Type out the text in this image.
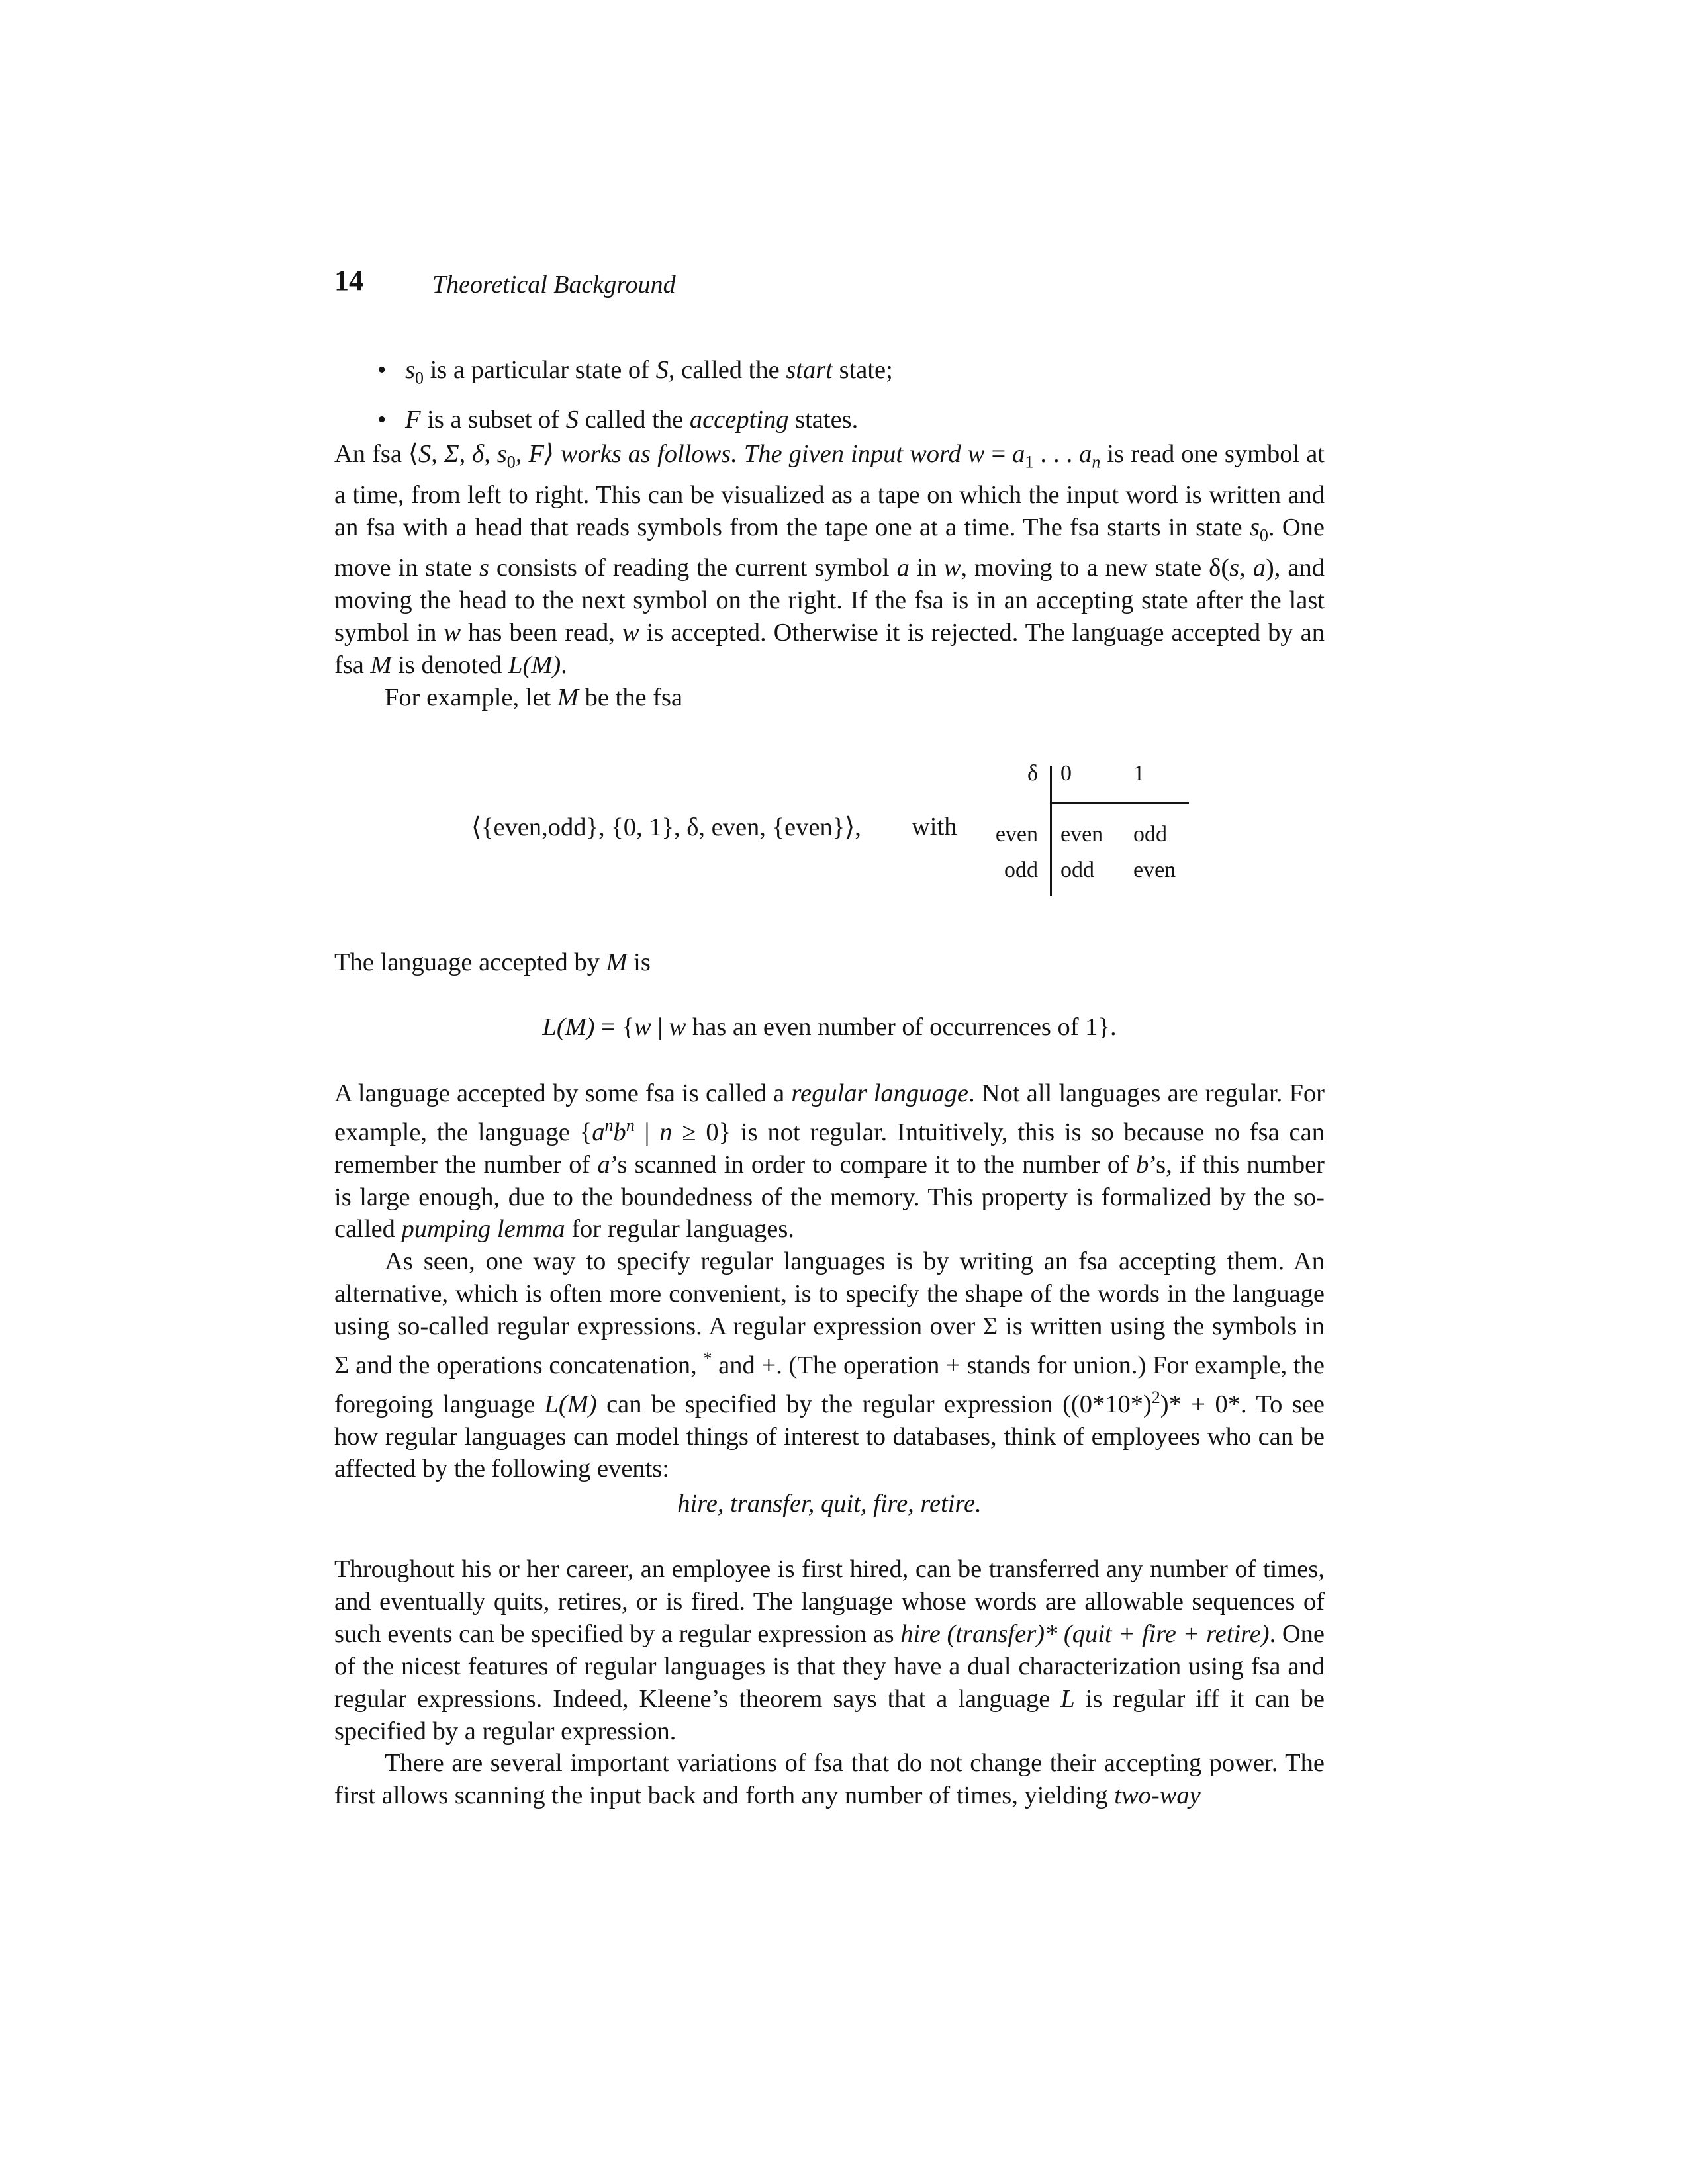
14	Theoretical Background
• $s_0$ is a particular state of S, called the start state;
• F is a subset of S called the accepting states.

An fsa ⟨S, Σ, δ, $s_0$, F⟩ works as follows. The given input word $w = a_1$ . . . $a_n$ is read one symbol at a time, from left to right. This can be visualized as a tape on which the input word is written and an fsa with a head that reads symbols from the tape one at a time. The fsa starts in state $s_0$. One move in state s consists of reading the current symbol a in w, moving to a new state δ(s, a), and moving the head to the next symbol on the right. If the fsa is in an accepting state after the last symbol in w has been read, w is accepted. Otherwise it is rejected. The language accepted by an fsa M is denoted L(M).

For example, let M be the fsa

⟨{even,odd}, {0, 1}, δ, even, {even}⟩, with
δ 0	1
even even odd
odd odd even

The language accepted by M is

L(M) = {w | w has an even number of occurrences of 1}.

A language accepted by some fsa is called a regular language. Not all languages are regular. For example, the language {$a^nb^n$ | n ≥ 0} is not regular. Intuitively, this is so because no fsa can remember the number of a’s scanned in order to compare it to the number of b’s, if this number is large enough, due to the boundedness of the memory. This property is formalized by the so-called pumping lemma for regular languages.

As seen, one way to specify regular languages is by writing an fsa accepting them. An alternative, which is often more convenient, is to specify the shape of the words in the language using so-called regular expressions. A regular expression over Σ is written using the symbols in Σ and the operations concatenation, * and +. (The operation + stands for union.) For example, the foregoing language L(M) can be specified by the regular expression $((0*10*)^2)* + 0*$. To see how regular languages can model things of interest to databases, think of employees who can be affected by the following events:

hire, transfer, quit, fire, retire.

Throughout his or her career, an employee is first hired, can be transferred any number of times, and eventually quits, retires, or is fired. The language whose words are allowable sequences of such events can be specified by a regular expression as hire (transfer)* (quit + fire + retire). One of the nicest features of regular languages is that they have a dual characterization using fsa and regular expressions. Indeed, Kleene’s theorem says that a language L is regular iff it can be specified by a regular expression.

There are several important variations of fsa that do not change their accepting power. The first allows scanning the input back and forth any number of times, yielding two-way
